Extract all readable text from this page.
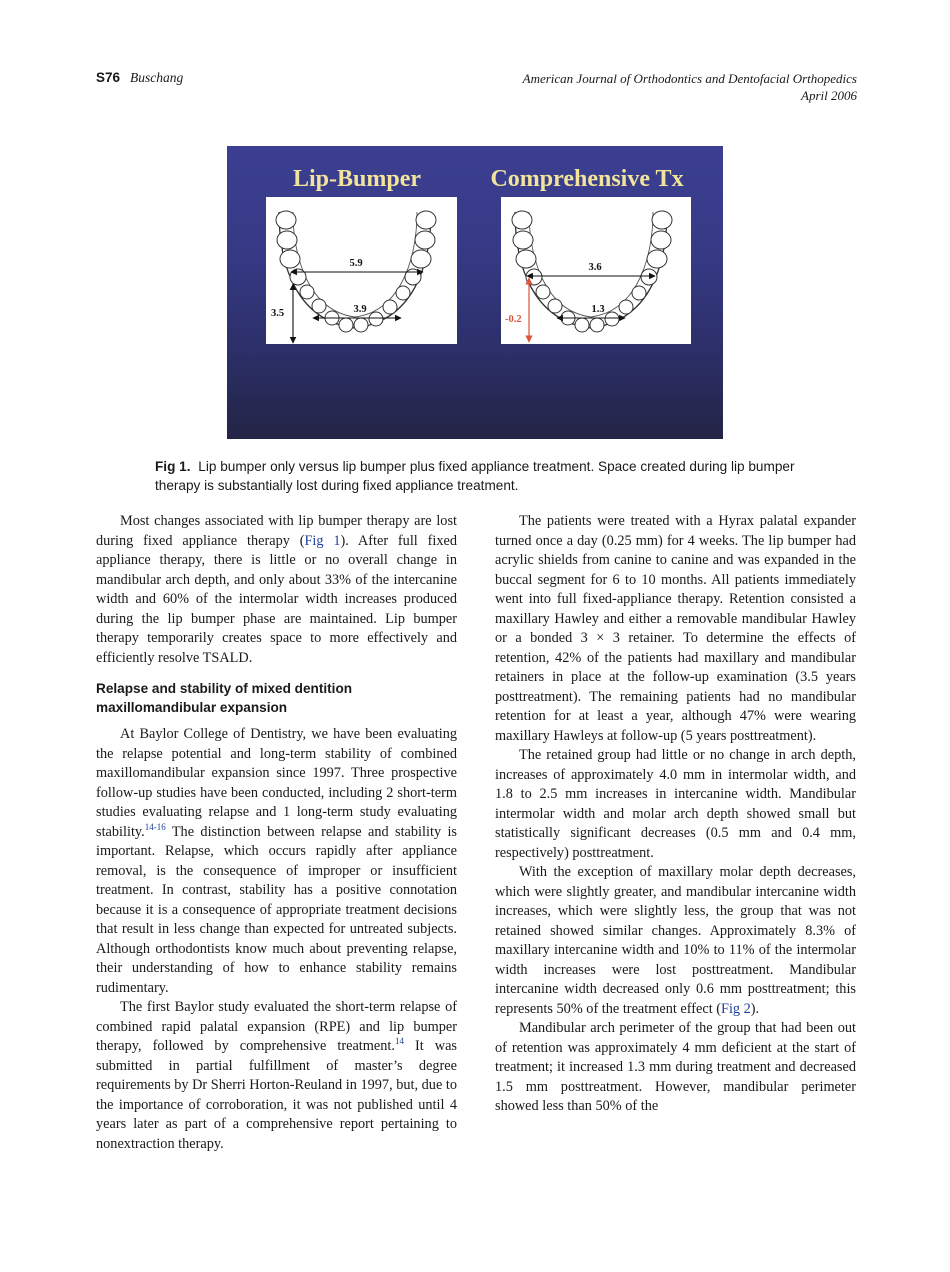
S76 Buschang	American Journal of Orthodontics and Dentofacial Orthopedics
April 2006
Lip-Bumper	Comprehensive Tx
5.9
3.9
3.5
3.6
1.3
-0.2
Fig 1. Lip bumper only versus lip bumper plus fixed appliance treatment. Space created during lip bumper therapy is substantially lost during fixed appliance treatment.

Most changes associated with lip bumper therapy are lost during fixed appliance therapy (Fig 1). After full fixed appliance therapy, there is little or no overall change in mandibular arch depth, and only about 33% of the intercanine width and 60% of the intermolar width increases produced during the lip bumper phase are maintained. Lip bumper therapy temporarily creates space to more effectively and efficiently resolve TSALD.

Relapse and stability of mixed dentition maxillomandibular expansion

At Baylor College of Dentistry, we have been evaluating the relapse potential and long-term stability of combined maxillomandibular expansion since 1997. Three prospective follow-up studies have been conducted, including 2 short-term studies evaluating relapse and 1 long-term study evaluating stability.$^{14-16}$ The distinction between relapse and stability is important. Relapse, which occurs rapidly after appliance removal, is the consequence of improper or insufficient treatment. In contrast, stability has a positive connotation because it is a consequence of appropriate treatment decisions that result in less change than expected for untreated subjects. Although orthodontists know much about preventing relapse, their understanding of how to enhance stability remains rudimentary.

The first Baylor study evaluated the short-term relapse of combined rapid palatal expansion (RPE) and lip bumper therapy, followed by comprehensive treatment.$^{14}$ It was submitted in partial fulfillment of master’s degree requirements by Dr Sherri Horton-Reuland in 1997, but, due to the importance of corroboration, it was not published until 4 years later as part of a comprehensive report pertaining to nonextraction therapy.

The patients were treated with a Hyrax palatal expander turned once a day (0.25 mm) for 4 weeks. The lip bumper had acrylic shields from canine to canine and was expanded in the buccal segment for 6 to 10 months. All patients immediately went into full fixed-appliance therapy. Retention consisted a maxillary Hawley and either a removable mandibular Hawley or a bonded 3 × 3 retainer. To determine the effects of retention, 42% of the patients had maxillary and mandibular retainers in place at the follow-up examination (3.5 years posttreatment). The remaining patients had no mandibular retention for at least a year, although 47% were wearing maxillary Hawleys at follow-up (5 years posttreatment).

The retained group had little or no change in arch depth, increases of approximately 4.0 mm in intermolar width, and 1.8 to 2.5 mm increases in intercanine width. Mandibular intermolar width and molar arch depth showed small but statistically significant decreases (0.5 mm and 0.4 mm, respectively) posttreatment.

With the exception of maxillary molar depth decreases, which were slightly greater, and mandibular intercanine width increases, which were slightly less, the group that was not retained showed similar changes. Approximately 8.3% of maxillary intercanine width and 10% to 11% of the intermolar width increases were lost posttreatment. Mandibular intercanine width decreased only 0.6 mm posttreatment; this represents 50% of the treatment effect (Fig 2).

Mandibular arch perimeter of the group that had been out of retention was approximately 4 mm deficient at the start of treatment; it increased 1.3 mm during treatment and decreased 1.5 mm posttreatment. However, mandibular perimeter showed less than 50% of the
